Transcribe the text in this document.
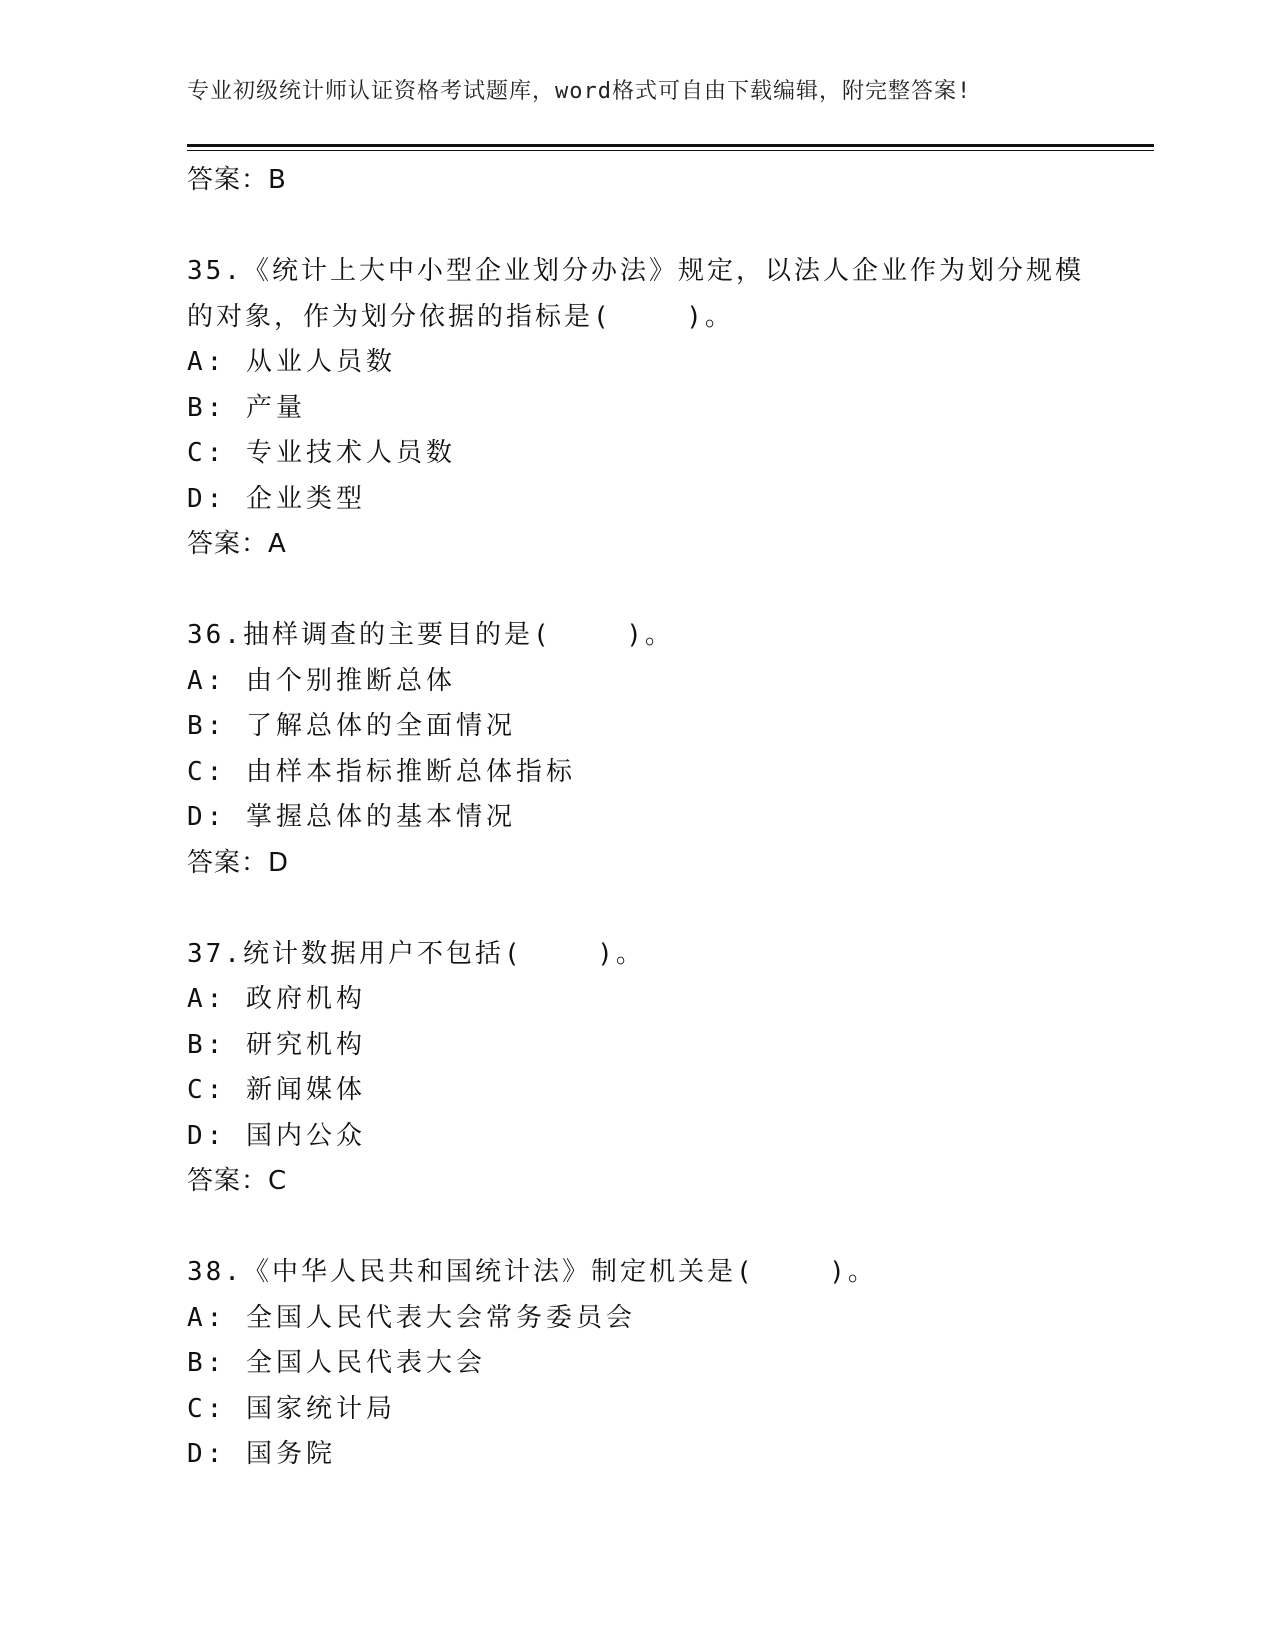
专业初级统计师认证资格考试题库，word格式可自由下载编辑，附完整答案!
答案：B
35.《统计上大中小型企业划分办法》规定，以法人企业作为划分规模
的对象，作为划分依据的指标是(    )。
A: 从业人员数
B: 产量
C: 专业技术人员数
D: 企业类型
答案：A
36.抽样调查的主要目的是(    )。
A: 由个别推断总体
B: 了解总体的全面情况
C: 由样本指标推断总体指标
D: 掌握总体的基本情况
答案：D
37.统计数据用户不包括(    )。
A: 政府机构
B: 研究机构
C: 新闻媒体
D: 国内公众
答案：C
38.《中华人民共和国统计法》制定机关是(    )。
A: 全国人民代表大会常务委员会
B: 全国人民代表大会
C: 国家统计局
D: 国务院
